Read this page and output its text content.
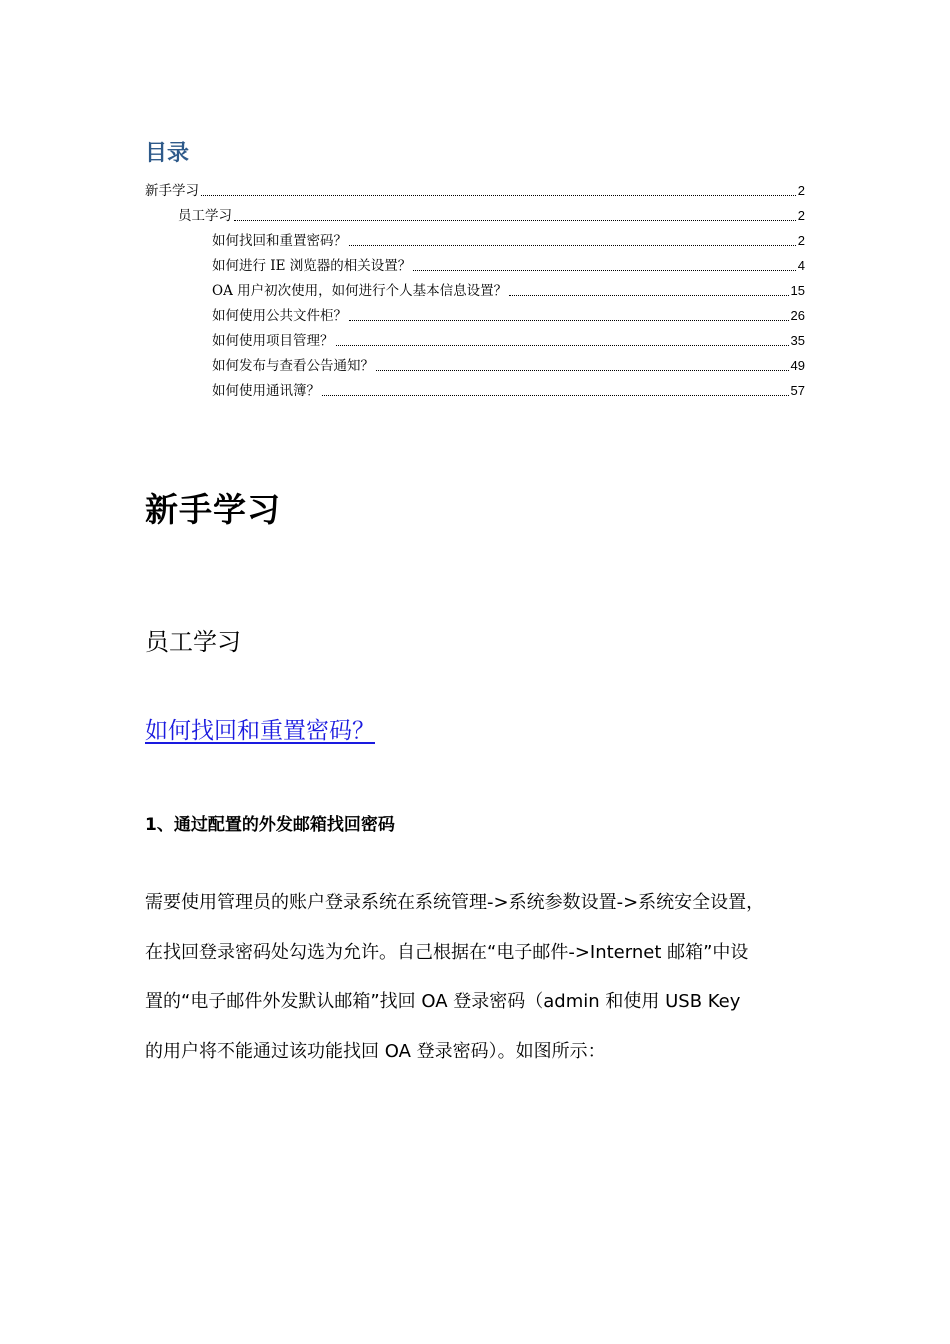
目录
新手学习	2
员工学习	2
如何找回和重置密码？	2
如何进行 IE 浏览器的相关设置？	4
OA 用户初次使用，如何进行个人基本信息设置？	15
如何使用公共文件柜？	26
如何使用项目管理？	35
如何发布与查看公告通知？	49
如何使用通讯簿？	57
新手学习
员工学习
如何找回和重置密码？
1、通过配置的外发邮箱找回密码

需要使用管理员的账户登录系统在系统管理->系统参数设置->系统安全设置，
在找回登录密码处勾选为允许。自己根据在“电子邮件->Internet 邮箱”中设
置的“电子邮件外发默认邮箱”找回 OA 登录密码（admin 和使用 USB Key
的用户将不能通过该功能找回 OA 登录密码）。如图所示：
